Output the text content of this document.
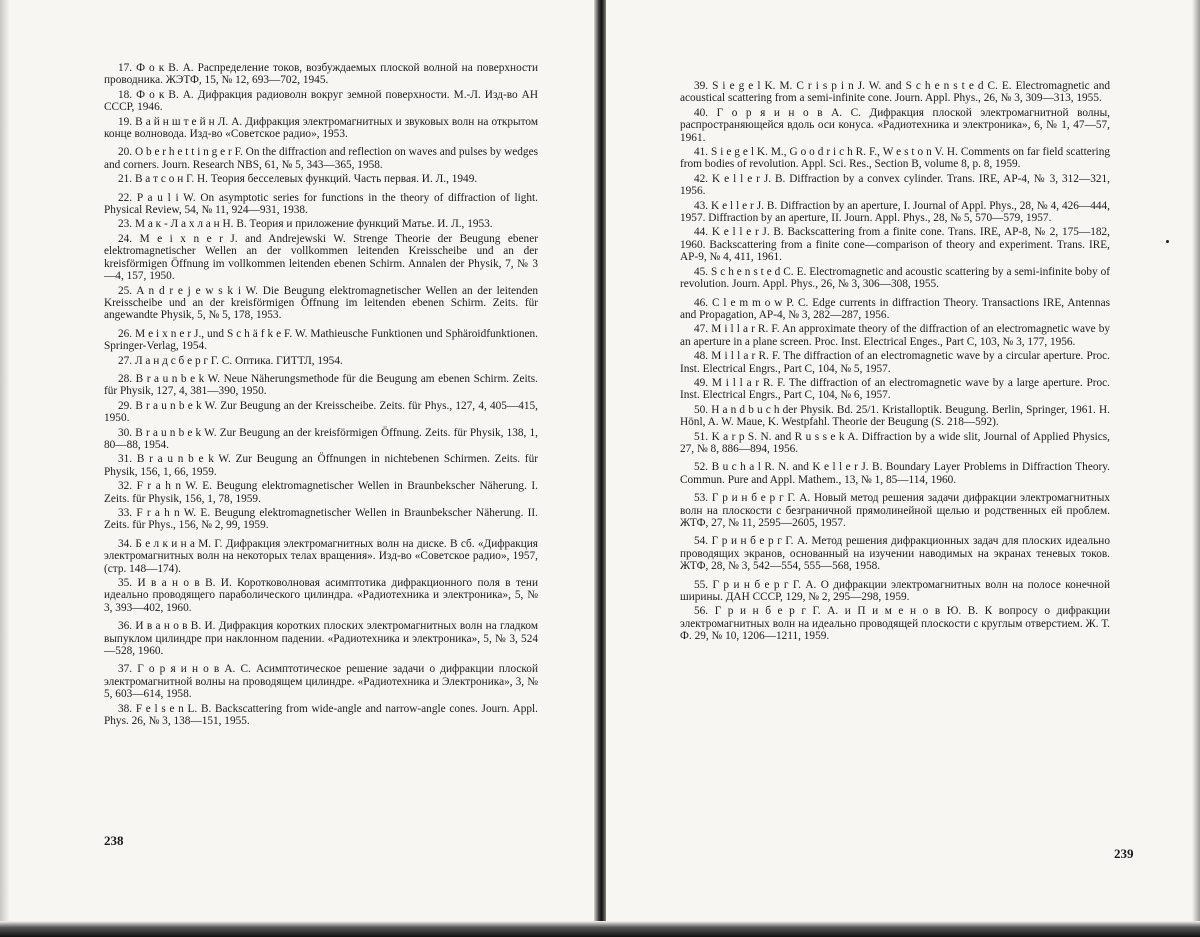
17. Ф о к В. А. Распределение токов, возбуждаемых плоской волной на поверхности проводника. ЖЭТФ, 15, № 12, 693—702, 1945.

18. Ф о к В. А. Дифракция радиоволн вокруг земной поверхности. М.-Л. Изд-во АН СССР, 1946.

19. В а й н ш т е й н Л. А. Дифракция электромагнитных и звуковых волн на открытом конце волновода. Изд-во «Советское радио», 1953.

20. O b e r h e t t i n g e r F. On the diffraction and reflection on waves and pulses by wedges and corners. Journ. Research NBS, 61, № 5, 343—365, 1958.

21. В а т с о н Г. Н. Теория бесселевых функций. Часть первая. И. Л., 1949.

22. P a u l i W. On asymptotic series for functions in the theory of diffraction of light. Physical Review, 54, № 11, 924—931, 1938.

23. М а к - Л а х л а н Н. В. Теория и приложение функций Матье. И. Л., 1953.

24. M e i x n e r J. and Andrejewski W. Strenge Theorie der Beugung ebener elektromagnetischer Wellen an der vollkommen leitenden Kreisscheibe und an der kreisförmigen Öffnung im vollkommen leitenden ebenen Schirm. Annalen der Physik, 7, № 3—4, 157, 1950.

25. A n d r e j e w s k i W. Die Beugung elektromagnetischer Wellen an der leitenden Kreisscheibe und an der kreisförmigen Öffnung im leitenden ebenen Schirm. Zeits. für angewandte Physik, 5, № 5, 178, 1953.

26. M e i x n e r J., und S c h ä f k e F. W. Mathieusche Funktionen und Sphäroidfunktionen. Springer-Verlag, 1954.

27. Л а н д с б е р г Г. С. Оптика. ГИТТЛ, 1954.

28. B r a u n b e k W. Neue Näherungsmethode für die Beugung am ebenen Schirm. Zeits. für Physik, 127, 4, 381—390, 1950.

29. B r a u n b e k W. Zur Beugung an der Kreisscheibe. Zeits. für Phys., 127, 4, 405—415, 1950.

30. B r a u n b e k W. Zur Beugung an der kreisförmigen Öffnung. Zeits. für Physik, 138, 1, 80—88, 1954.

31. B r a u n b e k W. Zur Beugung an Öffnungen in nichtebenen Schirmen. Zeits. für Physik, 156, 1, 66, 1959.

32. F r a h n W. E. Beugung elektromagnetischer Wellen in Braunbekscher Näherung. I. Zeits. für Physik, 156, 1, 78, 1959.

33. F r a h n W. E. Beugung elektromagnetischer Wellen in Braunbekscher Näherung. II. Zeits. für Phys., 156, № 2, 99, 1959.

34. Б е л к и н а М. Г. Дифракция электромагнитных волн на диске. В сб. «Дифракция электромагнитных волн на некоторых телах вращения». Изд-во «Советское радио», 1957, (стр. 148—174).

35. И в а н о в В. И. Коротковолновая асимптотика дифракционного поля в тени идеально проводящего параболического цилиндра. «Радиотехника и электроника», 5, № 3, 393—402, 1960.

36. И в а н о в В. И. Дифракция коротких плоских электромагнитных волн на гладком выпуклом цилиндре при наклонном падении. «Радиотехника и электроника», 5, № 3, 524—528, 1960.

37. Г о р я и н о в А. С. Асимптотическое решение задачи о дифракции плоской электромагнитной волны на проводящем цилиндре. «Радиотехника и Электроника», 3, № 5, 603—614, 1958.

38. F e l s e n L. B. Backscattering from wide-angle and narrow-angle cones. Journ. Appl. Phys. 26, № 3, 138—151, 1955.

238

39. S i e g e l K. M. C r i s p i n J. W. and S c h e n s t e d C. E. Electromagnetic and acoustical scattering from a semi-infinite cone. Journ. Appl. Phys., 26, № 3, 309—313, 1955.

40. Г о р я и н о в А. С. Дифракция плоской электромагнитной волны, распространяющейся вдоль оси конуса. «Радиотехника и электроника», 6, № 1, 47—57, 1961.

41. S i e g e l K. M., G o o d r i c h R. F., W e s t o n V. H. Comments on far field scattering from bodies of revolution. Appl. Sci. Res., Section B, volume 8, p. 8, 1959.

42. K e l l e r J. B. Diffraction by a convex cylinder. Trans. IRE, AP-4, № 3, 312—321, 1956.

43. K e l l e r J. B. Diffraction by an aperture, I. Journal of Appl. Phys., 28, № 4, 426—444, 1957. Diffraction by an aperture, II. Journ. Appl. Phys., 28, № 5, 570—579, 1957.

44. K e l l e r J. B. Backscattering from a finite cone. Trans. IRE, AP-8, № 2, 175—182, 1960. Backscattering from a finite cone—comparison of theory and experiment. Trans. IRE, AP-9, № 4, 411, 1961.

45. S c h e n s t e d C. E. Electromagnetic and acoustic scattering by a semi-infinite boby of revolution. Journ. Appl. Phys., 26, № 3, 306—308, 1955.

46. C l e m m o w P. C. Edge currents in diffraction Theory. Transactions IRE, Antennas and Propagation, AP-4, № 3, 282—287, 1956.

47. M i l l a r R. F. An approximate theory of the diffraction of an electromagnetic wave by an aperture in a plane screen. Proc. Inst. Electrical Enges., Part C, 103, № 3, 177, 1956.

48. M i l l a r R. F. The diffraction of an electromagnetic wave by a circular aperture. Proc. Inst. Electrical Engrs., Part C, 104, № 5, 1957.

49. M i l l a r R. F. The diffraction of an electromagnetic wave by a large aperture. Proc. Inst. Electrical Engrs., Part C, 104, № 6, 1957.

50. H a n d b u c h der Physik. Bd. 25/1. Kristalloptik. Beugung. Berlin, Springer, 1961. H. Hönl, A. W. Maue, K. Westpfahl. Theorie der Beugung (S. 218—592).

51. K a r p S. N. and R u s s e k A. Diffraction by a wide slit, Journal of Applied Physics, 27, № 8, 886—894, 1956.

52. B u c h a l R. N. and K e l l e r J. B. Boundary Layer Problems in Diffraction Theory. Commun. Pure and Appl. Mathem., 13, № 1, 85—114, 1960.

53. Г р и н б е р г Г. А. Новый метод решения задачи дифракции электромагнитных волн на плоскости с безграничной прямолинейной щелью и родственных ей проблем. ЖТФ, 27, № 11, 2595—2605, 1957.

54. Г р и н б е р г Г. А. Метод решения дифракционных задач для плоских идеально проводящих экранов, основанный на изучении наводимых на экранах теневых токов. ЖТФ, 28, № 3, 542—554, 555—568, 1958.

55. Г р и н б е р г Г. А. О дифракции электромагнитных волн на полосе конечной ширины. ДАН СССР, 129, № 2, 295—298, 1959.

56. Г р и н б е р г Г. А. и П и м е н о в Ю. В. К вопросу о дифракции электромагнитных волн на идеально проводящей плоскости с круглым отверстием. Ж. Т. Ф. 29, № 10, 1206—1211, 1959.

239
